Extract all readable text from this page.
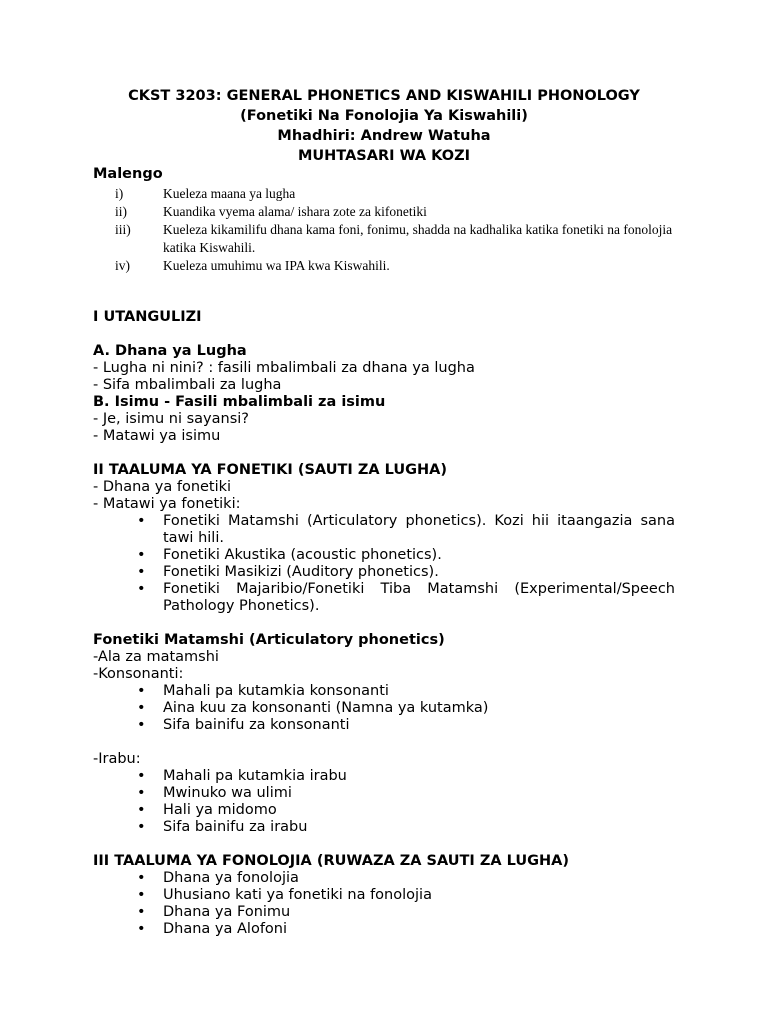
CKST 3203: GENERAL PHONETICS AND KISWAHILI PHONOLOGY
(Fonetiki Na Fonolojia Ya Kiswahili)
Mhadhiri: Andrew Watuha
MUHTASARI WA KOZI
Malengo
i)	Kueleza maana ya lugha
ii)	Kuandika vyema alama/ ishara zote za kifonetiki
iii) Kueleza kikamilifu dhana kama foni, fonimu, shadda na kadhalika katika fonetiki na fonolojia katika Kiswahili.
iv) Kueleza umuhimu wa IPA kwa Kiswahili.
I UTANGULIZI
A. Dhana ya Lugha
- Lugha ni nini? : fasili mbalimbali za dhana ya lugha
- Sifa mbalimbali za lugha
B. Isimu - Fasili mbalimbali za isimu
- Je, isimu ni sayansi?
- Matawi ya isimu
II TAALUMA YA FONETIKI (SAUTI ZA LUGHA)
- Dhana ya fonetiki
- Matawi ya fonetiki:
• Fonetiki Matamshi (Articulatory phonetics). Kozi hii itaangazia sana tawi hili.
• Fonetiki Akustika (acoustic phonetics).
• Fonetiki Masikizi (Auditory phonetics).
• Fonetiki Majaribio/Fonetiki Tiba Matamshi (Experimental/Speech Pathology Phonetics).
Fonetiki Matamshi (Articulatory phonetics)
-Ala za matamshi
-Konsonanti:
• Mahali pa kutamkia konsonanti
• Aina kuu za konsonanti (Namna ya kutamka)
• Sifa bainifu za konsonanti
-Irabu:
• Mahali pa kutamkia irabu
• Mwinuko wa ulimi
• Hali ya midomo
• Sifa bainifu za irabu
III TAALUMA YA FONOLOJIA (RUWAZA ZA SAUTI ZA LUGHA)
• Dhana ya fonolojia
• Uhusiano kati ya fonetiki na fonolojia
• Dhana ya Fonimu
• Dhana ya Alofoni
